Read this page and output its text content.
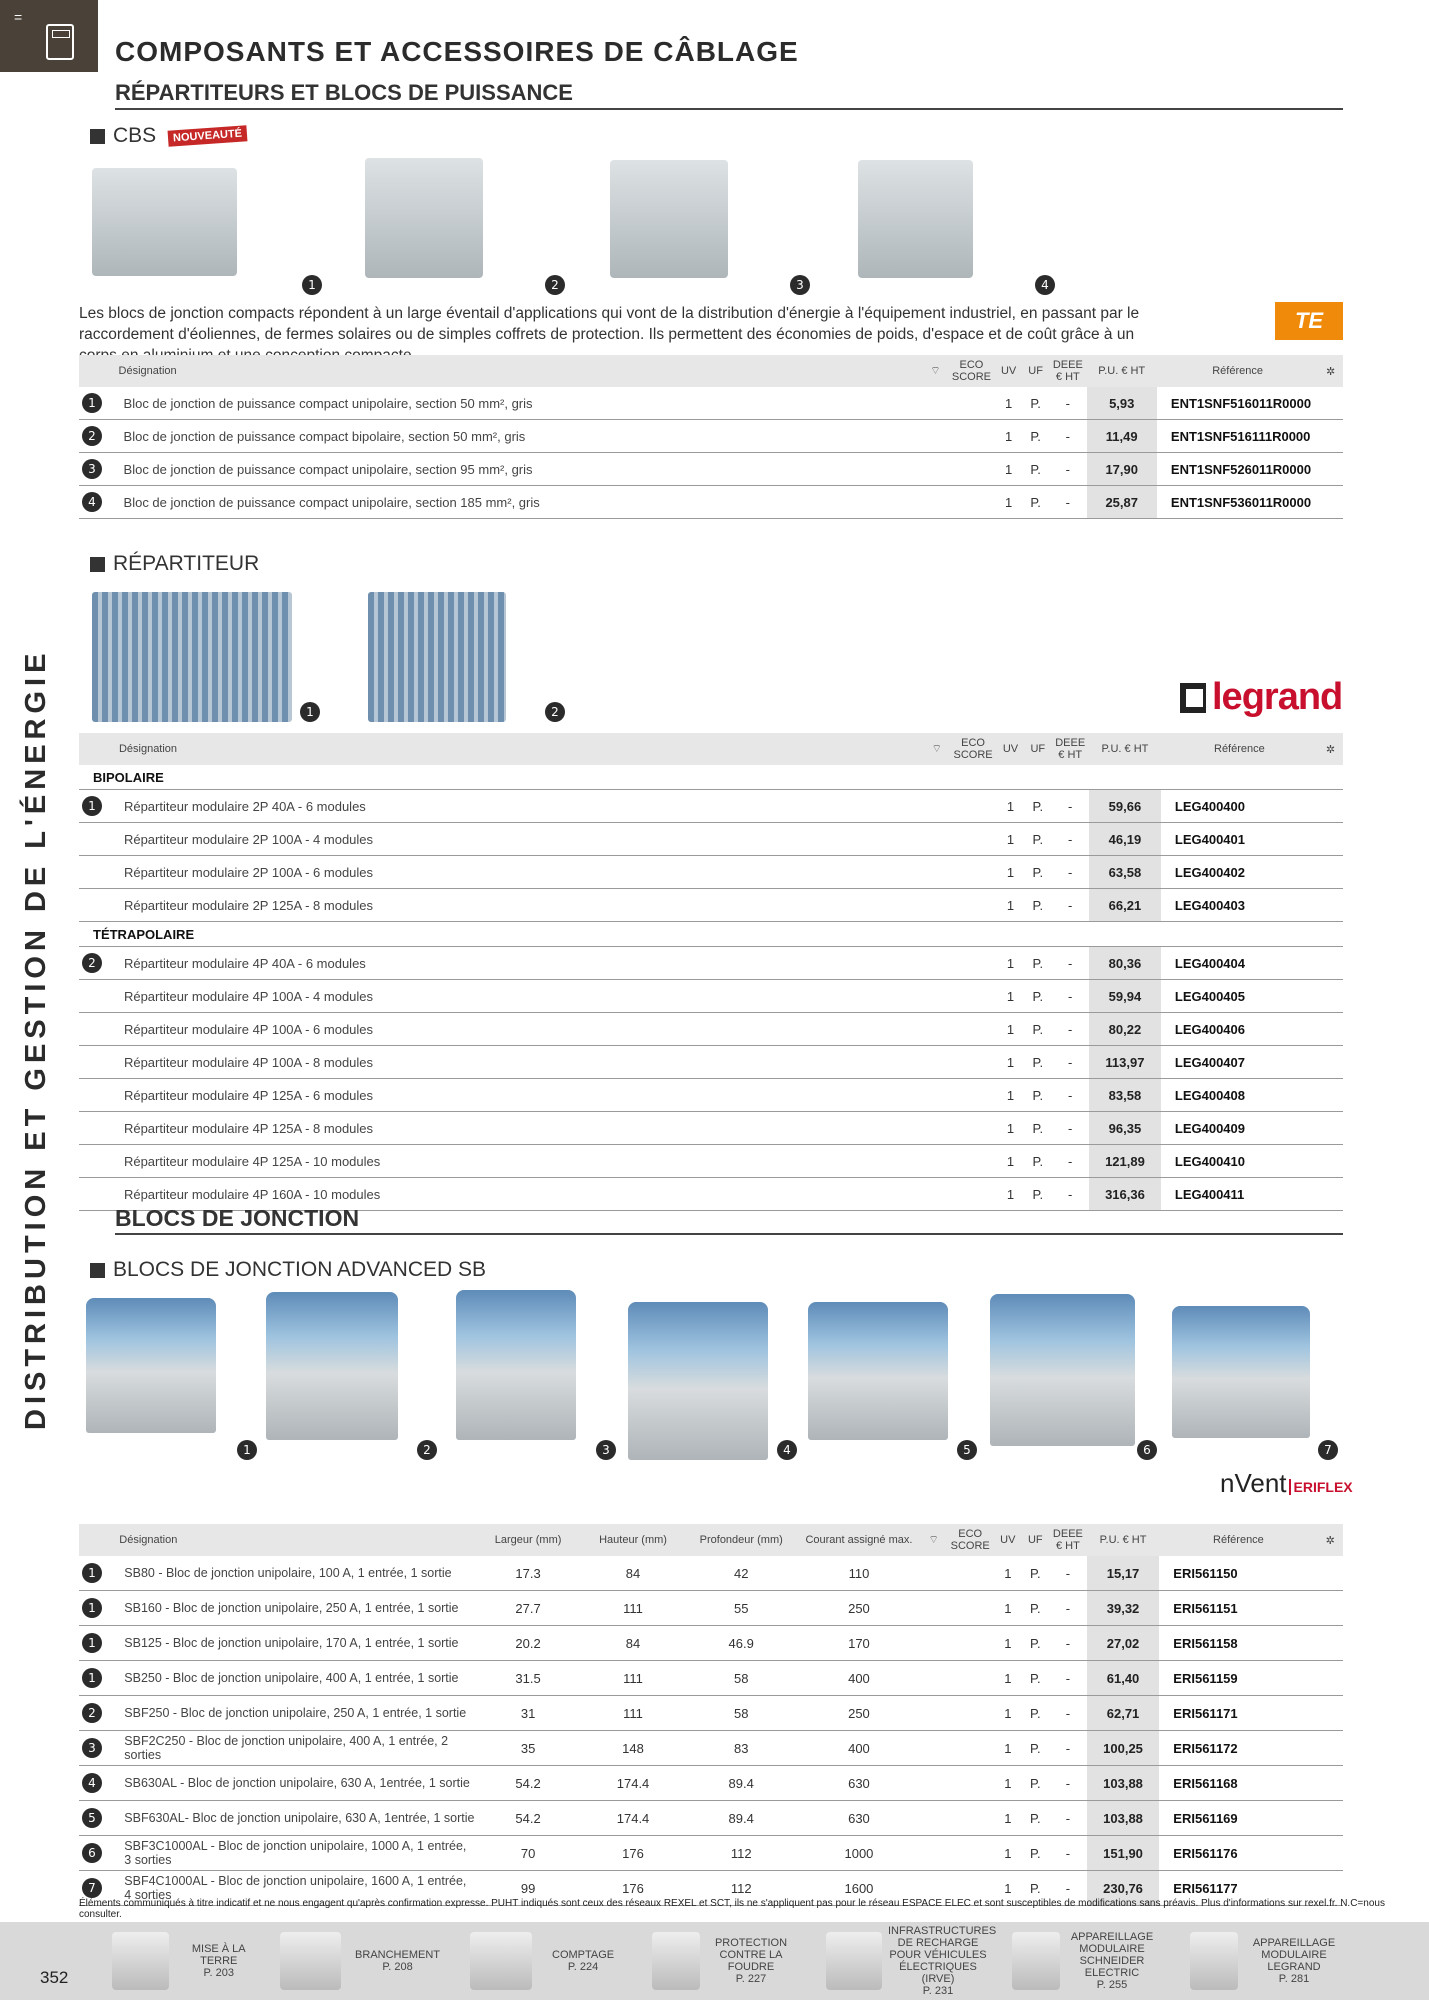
=
COMPOSANTS ET ACCESSOIRES DE CÂBLAGE
RÉPARTITEURS ET BLOCS DE PUISSANCE
DISTRIBUTION ET GESTION DE L'ÉNERGIE
CBS	NOUVEAUTÉ
1	2	3	4
Les blocs de jonction compacts répondent à un large éventail d'applications qui vont de la distribution d'énergie à l'équipement industriel, en passant par le raccordement d'éoliennes, de fermes solaires ou de simples coffrets de protection. Ils permettent des économies de poids, d'espace et de coût grâce à un
TE
	Désignation	⌔	ECO SCORE	UV	UF	DEEE € HT	P.U. € HT	Référence	✲

1	Bloc de jonction de puissance compact unipolaire, section 50 mm², gris			1	P.	-	5,93	ENT1SNF516011R0000	

2	Bloc de jonction de puissance compact bipolaire, section 50 mm², gris			1	P.	-	11,49	ENT1SNF516111R0000	

3	Bloc de jonction de puissance compact unipolaire, section 95 mm², gris			1	P.	-	17,90	ENT1SNF526011R0000	

4	Bloc de jonction de puissance compact unipolaire, section 185 mm², gris			1	P.	-	25,87	ENT1SNF536011R0000	
RÉPARTITEUR
1	2	legrand
	Désignation	⌔	ECO SCORE	UV	UF	DEEE € HT	P.U. € HT	Référence	✲
BIPOLAIRE									

1	Répartiteur modulaire 2P 40A - 6 modules			1	P.	-	59,66	LEG400400	
	Répartiteur modulaire 2P 100A - 4 modules			1	P.	-	46,19	LEG400401	
	Répartiteur modulaire 2P 100A - 6 modules			1	P.	-	63,58	LEG400402	
	Répartiteur modulaire 2P 125A - 8 modules			1	P.	-	66,21	LEG400403	
TÉTRAPOLAIRE									

2	Répartiteur modulaire 4P 40A - 6 modules			1	P.	-	80,36	LEG400404	
	Répartiteur modulaire 4P 100A - 4 modules			1	P.	-	59,94	LEG400405	
	Répartiteur modulaire 4P 100A - 6 modules			1	P.	-	80,22	LEG400406	
	Répartiteur modulaire 4P 100A - 8 modules			1	P.	-	113,97	LEG400407	
	Répartiteur modulaire 4P 125A - 6 modules			1	P.	-	83,58	LEG400408	
	Répartiteur modulaire 4P 125A - 8 modules			1	P.	-	96,35	LEG400409	
	Répartiteur modulaire 4P 125A - 10 modules			1	P.	-	121,89	LEG400410	
	Répartiteur modulaire 4P 160A - 10 modules			1	P.	-	316,36	LEG400411	
BLOCS DE JONCTION
BLOCS DE JONCTION ADVANCED SB
1	2	3	4	5	6	7
nVent ERIFLEX
	Désignation	Largeur (mm)	Hauteur (mm)	Profondeur (mm)	Courant assigné max.	⌔	ECO SCORE	UV	UF	DEEE € HT	P.U. € HT	Référence	✲

1	SB80 - Bloc de jonction unipolaire, 100 A, 1 entrée, 1 sortie	17.3	84	42	110			1	P.	-	15,17	ERI561150	

1	SB160 - Bloc de jonction unipolaire, 250 A, 1 entrée, 1 sortie	27.7	111	55	250			1	P.	-	39,32	ERI561151	

1	SB125 - Bloc de jonction unipolaire, 170 A, 1 entrée, 1 sortie	20.2	84	46.9	170			1	P.	-	27,02	ERI561158	

1	SB250 - Bloc de jonction unipolaire, 400 A, 1 entrée, 1 sortie	31.5	111	58	400			1	P.	-	61,40	ERI561159	

2	SBF250 - Bloc de jonction unipolaire, 250 A, 1 entrée, 1 sortie	31	111	58	250			1	P.	-	62,71	ERI561171	

3	SBF2C250 - Bloc de jonction unipolaire, 400 A, 1 entrée, 2 sorties	35	148	83	400			1	P.	-	100,25	ERI561172	

4	SB630AL - Bloc de jonction unipolaire, 630 A, 1entrée, 1 sortie	54.2	174.4	89.4	630			1	P.	-	103,88	ERI561168	

5	SBF630AL- Bloc de jonction unipolaire, 630 A, 1entrée, 1 sortie	54.2	174.4	89.4	630			1	P.	-	103,88	ERI561169	

6	SBF3C1000AL - Bloc de jonction unipolaire, 1000 A, 1 entrée, 3 sorties	70	176	112	1000			1	P.	-	151,90	ERI561176	

7	SBF4C1000AL - Bloc de jonction unipolaire, 1600 A, 1 entrée, 4 sorties	99	176	112	1600			1	P.	-	230,76	ERI561177	
Éléments communiqués à titre indicatif et ne nous engagent qu'après confirmation expresse. PUHT indiqués sont ceux des réseaux REXEL et SCT, ils ne s'appliquent pas pour le réseau ESPACE ELEC et sont susceptibles de modifications sans préavis. Plus d'informations sur rexel.fr. N.C=nous consulter.
MISE À LA TERRE
P. 203
BRANCHEMENT
P. 208
COMPTAGE
P. 224
PROTECTION CONTRE LA FOUDRE
P. 227
INFRASTRUCTURES DE RECHARGE POUR VÉHICULES ÉLECTRIQUES (IRVE)
P. 231
APPAREILLAGE MODULAIRE SCHNEIDER ELECTRIC
P. 255
APPAREILLAGE MODULAIRE LEGRAND
P. 281
352
